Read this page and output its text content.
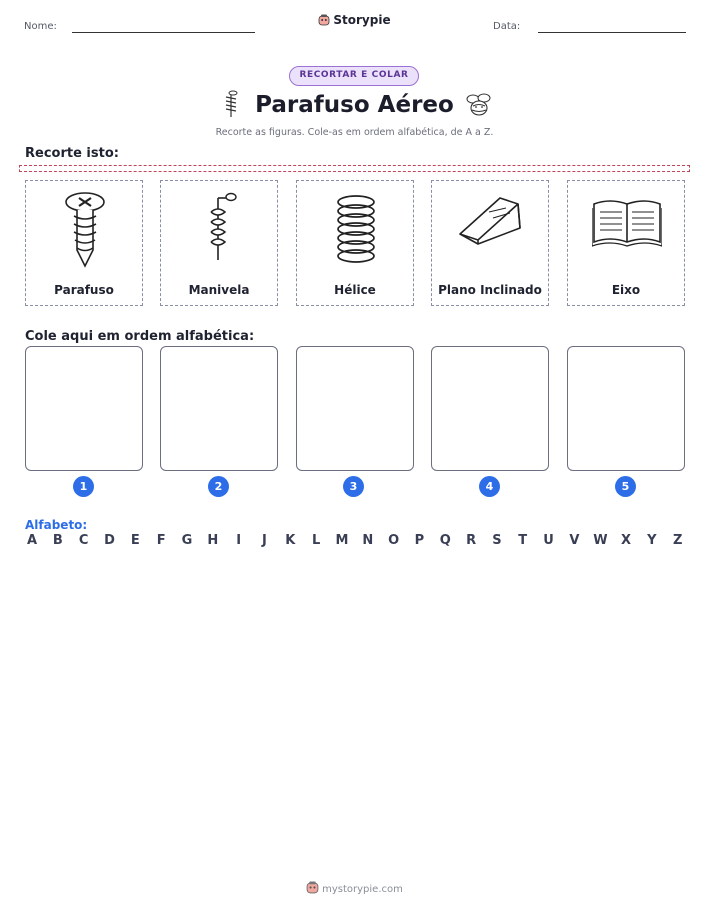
Nome:	Storypie	Data:
RECORTAR E COLAR
Parafuso Aéreo
Recorte as figuras. Cole-as em ordem alfabética, de A a Z.
Recorte isto:
Parafuso	Manivela	Hélice	Plano Inclinado	Eixo
Cole aqui em ordem alfabética:
1	2	3	4	5
Alfabeto:
A B C D E F G H	I	J	K L M N O P Q R S T U V W X Y Z
mystorypie.com
